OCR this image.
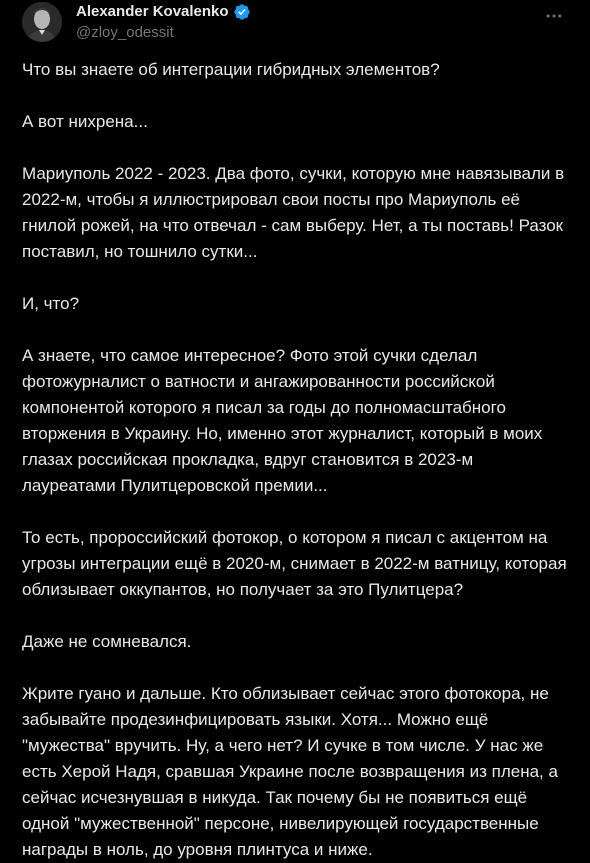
Alexander Kovalenko
@zloy_odessit

Что вы знаете об интеграции гибридных элементов?

А вот нихрена...

Мариуполь 2022 - 2023. Два фото, сучки, которую мне навязывали в 2022-м, чтобы я иллюстрировал свои посты про Мариуполь её гнилой рожей, на что отвечал - сам выберу. Нет, а ты поставь! Разок поставил, но тошнило сутки...

И, что?

А знаете, что самое интересное? Фото этой сучки сделал фотожурналист о ватности и ангажированности российской компонентой которого я писал за годы до полномасштабного вторжения в Украину. Но, именно этот журналист, который в моих глазах российская прокладка, вдруг становится в 2023-м лауреатами Пулитцеровской премии...

То есть, пророссийский фотокор, о котором я писал с акцентом на угрозы интеграции ещё в 2020-м, снимает в 2022-м ватницу, которая облизывает оккупантов, но получает за это Пулитцера?

Даже не сомневался.

Жрите гуано и дальше. Кто облизывает сейчас этого фотокора, не забывайте продезинфицировать языки. Хотя... Можно ещё "мужества" вручить. Ну, а чего нет? И сучке в том числе. У нас же есть Херой Надя, сравшая Украине после возвращения из плена, а сейчас исчезнувшая в никуда. Так почему бы не появиться ещё одной "мужественной" персоне, нивелирующей государственные награды в ноль, до уровня плинтуса и ниже.
